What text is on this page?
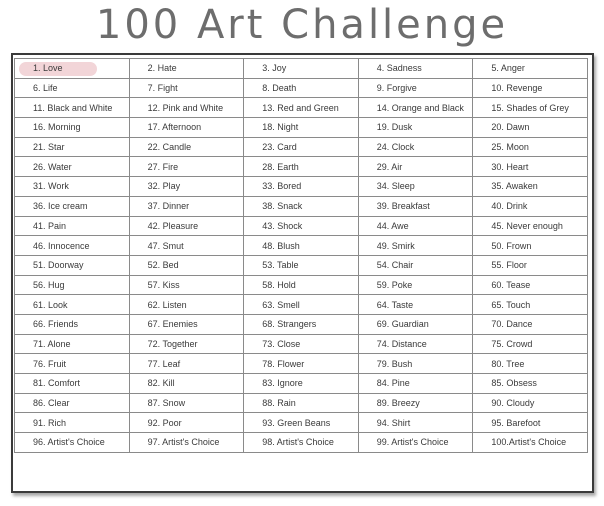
100 Art Challenge
1. Love	2. Hate	3. Joy	4. Sadness	5. Anger
6. Life	7. Fight	8. Death	9. Forgive	10. Revenge
11. Black and White	12. Pink and White	13. Red and Green	14. Orange and Black	15. Shades of Grey
16. Morning	17. Afternoon	18. Night	19. Dusk	20. Dawn
21. Star	22. Candle	23. Card	24. Clock	25. Moon
26. Water	27. Fire	28. Earth	29. Air	30. Heart
31. Work	32. Play	33. Bored	34. Sleep	35. Awaken
36. Ice cream	37. Dinner	38. Snack	39. Breakfast	40. Drink
41. Pain	42. Pleasure	43. Shock	44. Awe	45. Never enough
46. Innocence	47. Smut	48. Blush	49. Smirk	50. Frown
51. Doorway	52. Bed	53. Table	54. Chair	55. Floor
56. Hug	57. Kiss	58. Hold	59. Poke	60. Tease
61. Look	62. Listen	63. Smell	64. Taste	65. Touch
66. Friends	67. Enemies	68. Strangers	69. Guardian	70. Dance
71. Alone	72. Together	73. Close	74. Distance	75. Crowd
76. Fruit	77. Leaf	78. Flower	79. Bush	80. Tree
81. Comfort	82. Kill	83. Ignore	84. Pine	85. Obsess
86. Clear	87. Snow	88. Rain	89. Breezy	90. Cloudy
91. Rich	92. Poor	93. Green Beans	94. Shirt	95. Barefoot
96. Artist's Choice	97. Artist's Choice	98. Artist's Choice	99. Artist's Choice	100.Artist's Choice
